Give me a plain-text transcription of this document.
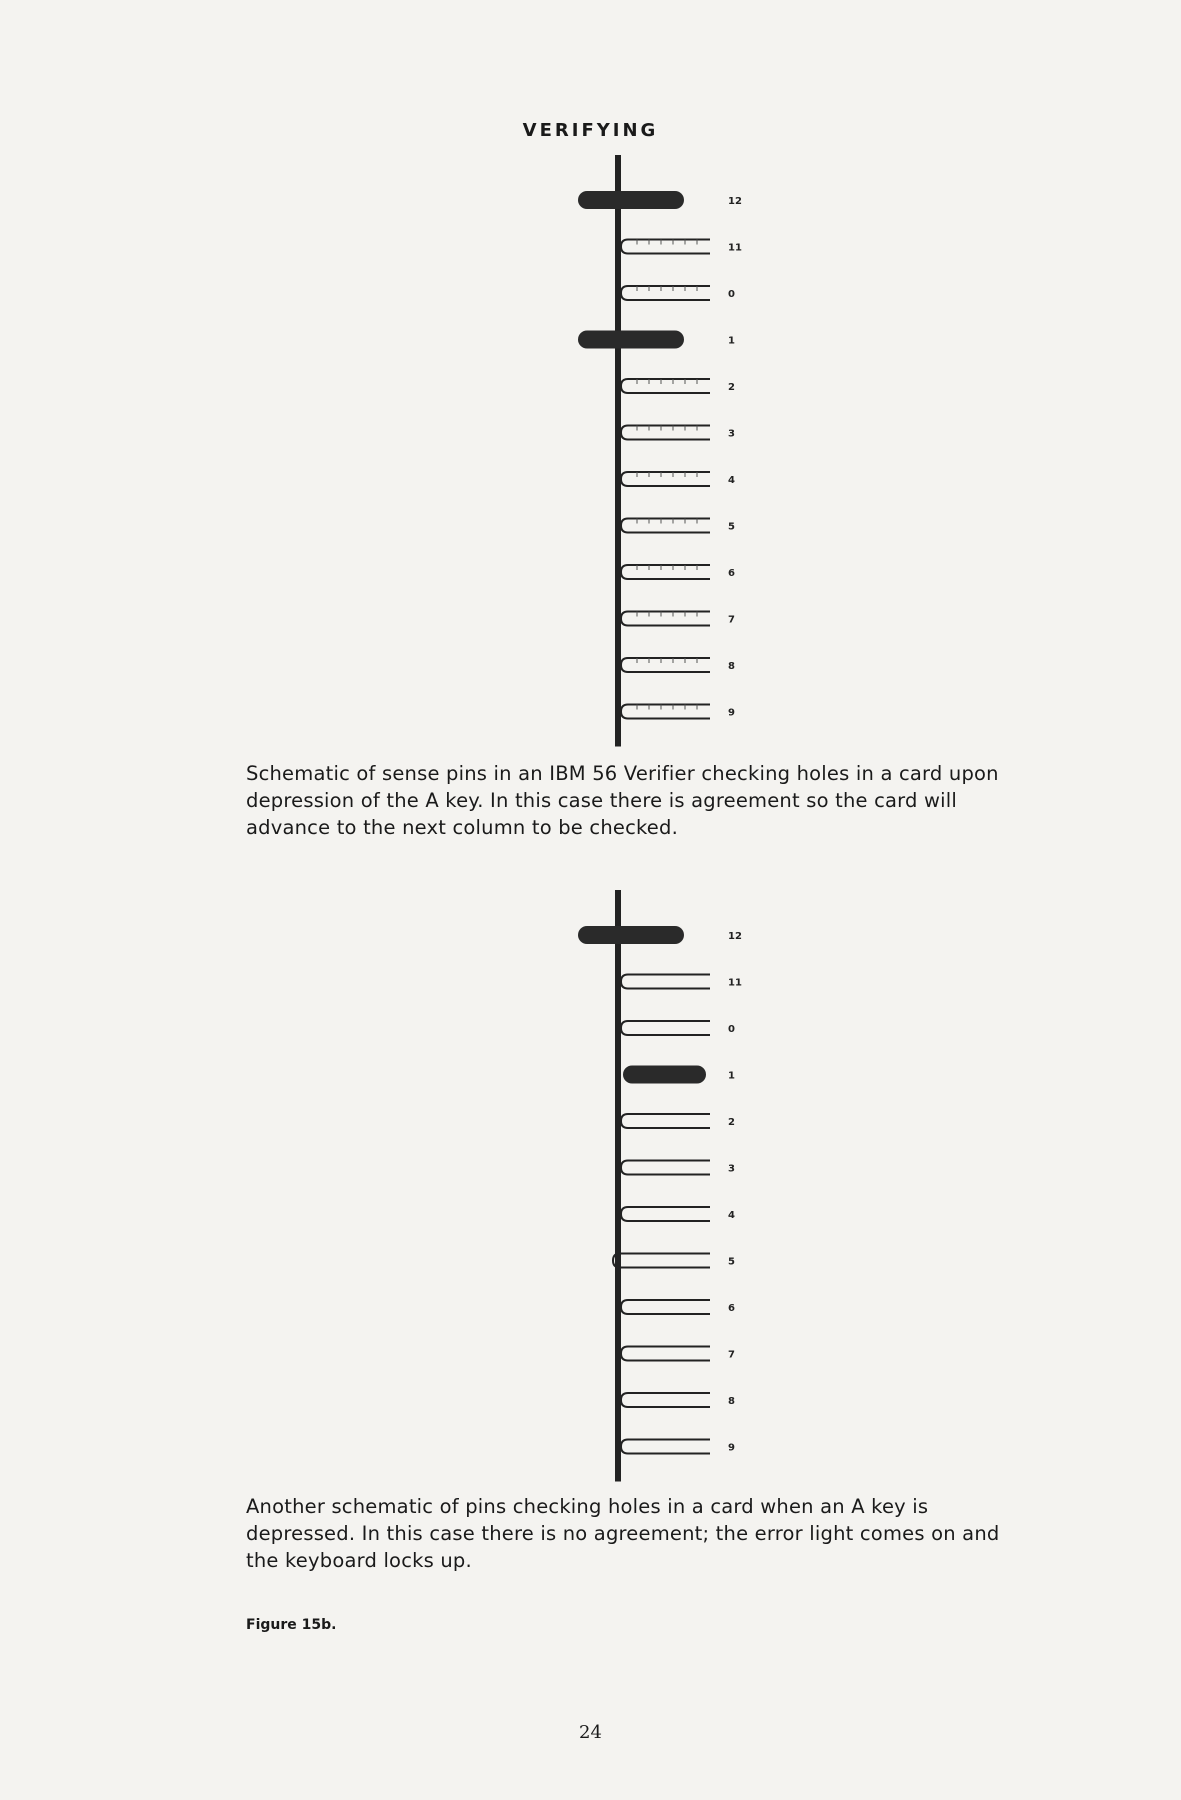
VERIFYING
12
11
0
1
2
3
4
5
6
7
8
9
Schematic of sense pins in an IBM 56 Verifier checking holes in a card upon depression of the A key. In this case there is agreement so the card will advance to the next column to be checked.
12
11
0
1
2
3
4
5
6
7
8
9
Another schematic of pins checking holes in a card when an A key is depressed. In this case there is no agreement; the error light comes on and the keyboard locks up.
Figure 15b.
24
